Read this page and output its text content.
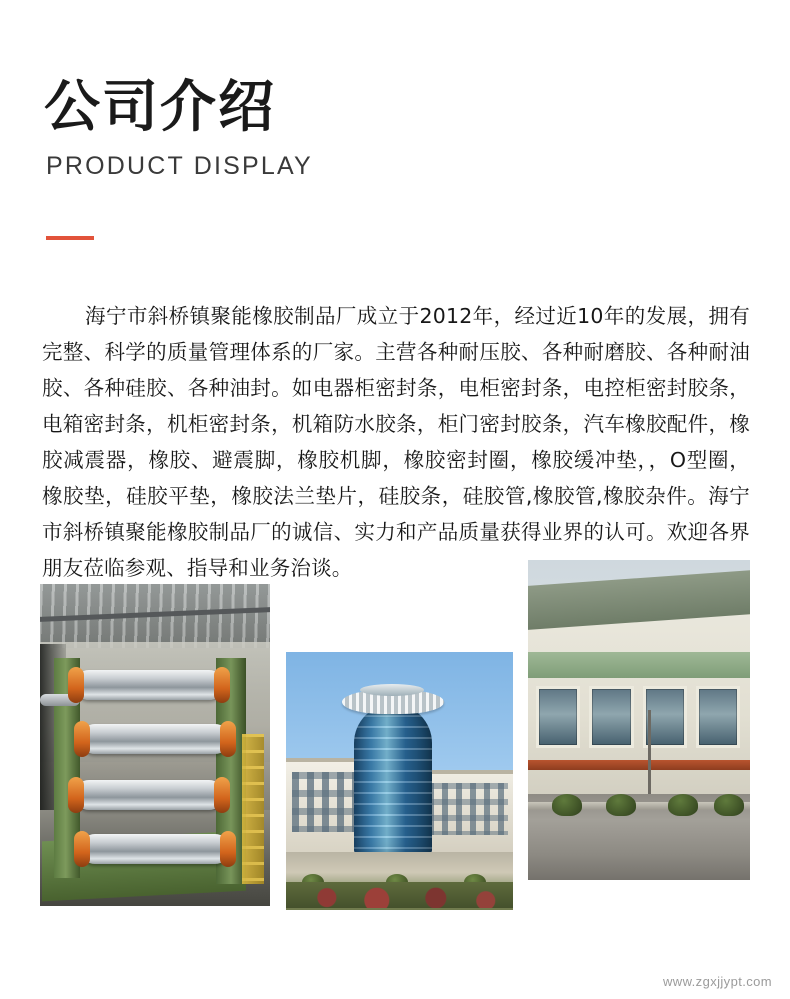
公司介绍
PRODUCT DISPLAY

海宁市斜桥镇聚能橡胶制品厂成立于2012年，经过近10年的发展，拥有完整、科学的质量管理体系的厂家。主营各种耐压胶、各种耐磨胶、各种耐油胶、各种硅胶、各种油封。如电器柜密封条，电柜密封条，电控柜密封胶条，电箱密封条，机柜密封条，机箱防水胶条，柜门密封胶条，汽车橡胶配件，橡胶减震器，橡胶、避震脚，橡胶机脚，橡胶密封圈，橡胶缓冲垫，，O型圈，橡胶垫，硅胶平垫，橡胶法兰垫片，硅胶条，硅胶管,橡胶管,橡胶杂件。海宁市斜桥镇聚能橡胶制品厂的诚信、实力和产品质量获得业界的认可。欢迎各界朋友莅临参观、指导和业务治谈。

www.zgxjjypt.com
